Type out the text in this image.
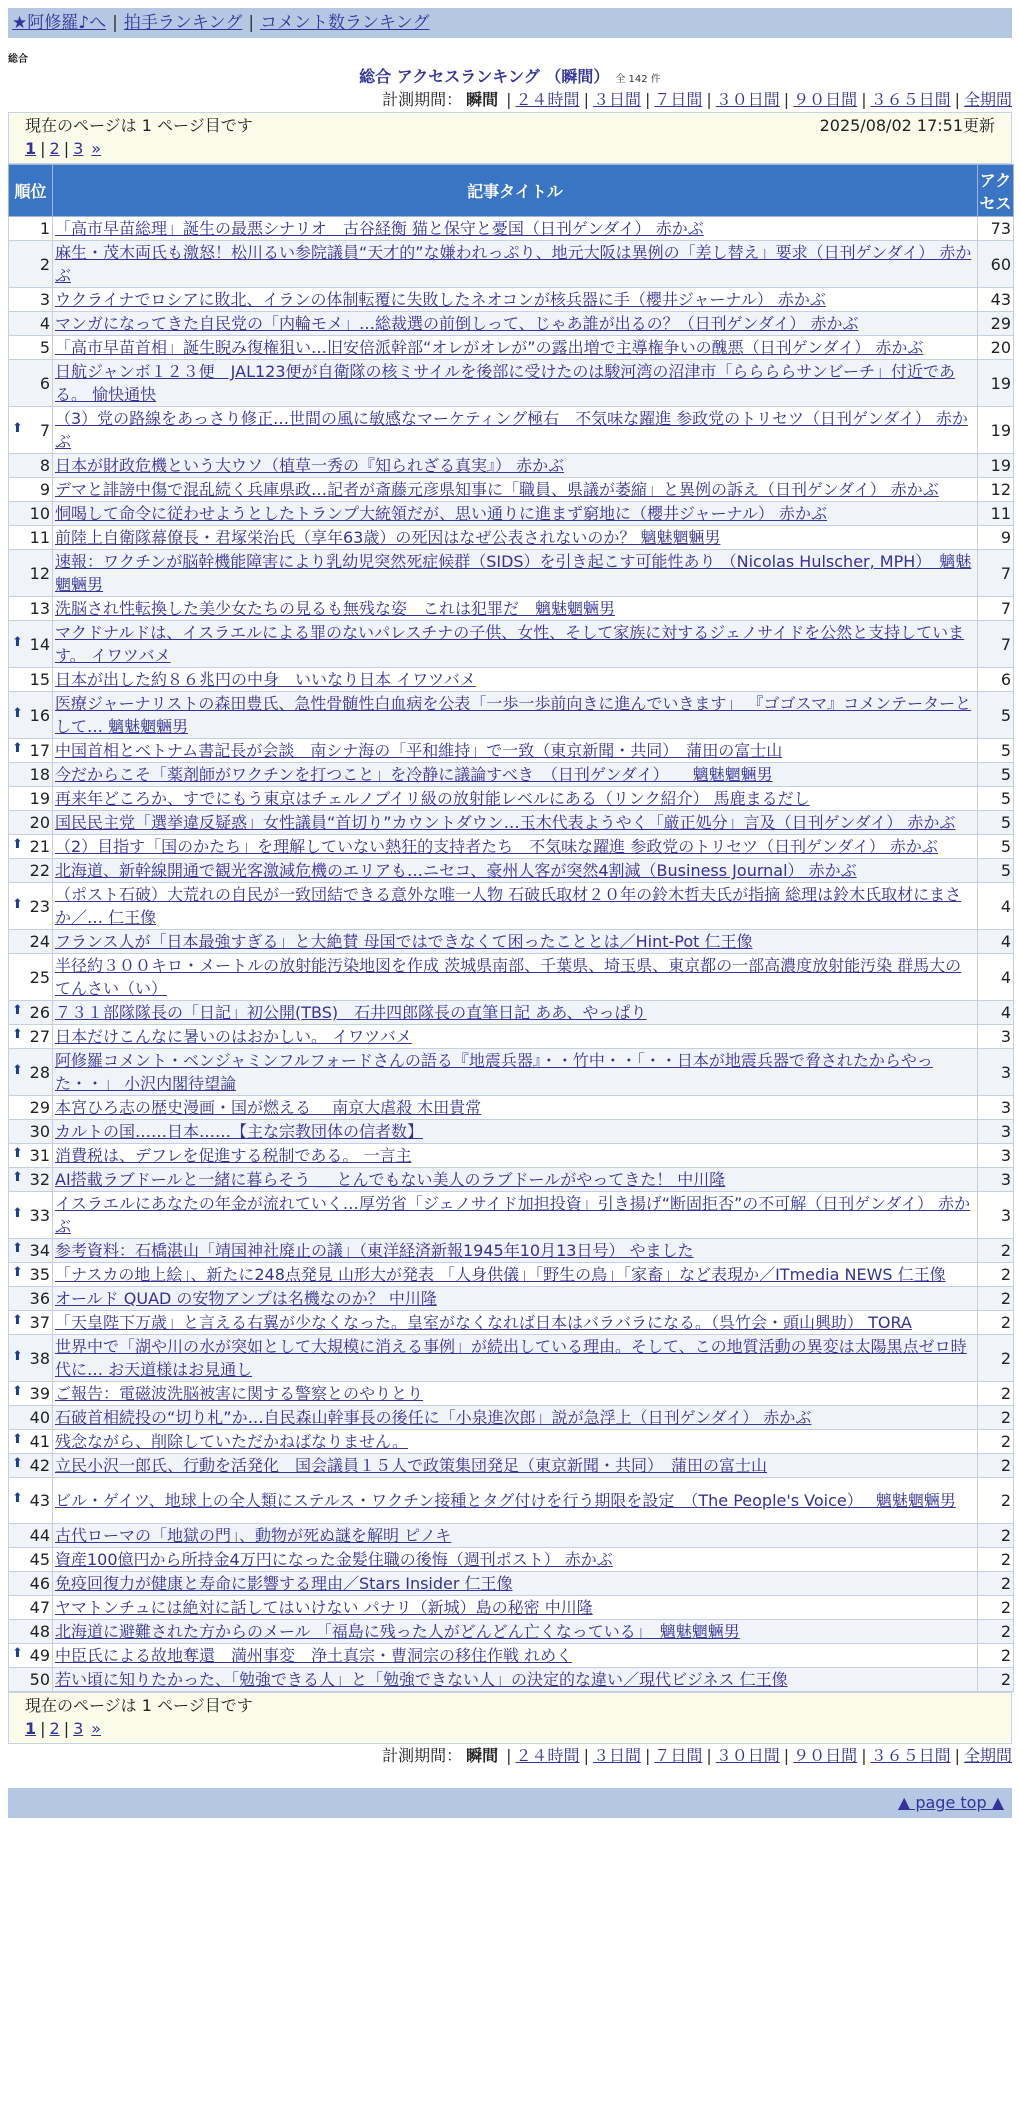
★阿修羅♪へ | 拍手ランキング | コメント数ランキング
総合
総合 アクセスランキング （瞬間） 全 142 件
計測期間： 瞬間 | ２４時間 | ３日間 | ７日間 | ３０日間 | ９０日間 | ３６５日間 | 全期間
現在のページは 1 ページ目です	2025/08/02 17:51更新
1 | 2 | 3 »
順位	記事タイトル	アクセス
1	「高市早苗総理」誕生の最悪シナリオ　古谷経衡 猫と保守と憂国（日刊ゲンダイ） 赤かぶ	73
2	麻生・茂木両氏も激怒！松川るい参院議員“天才的”な嫌われっぷり、地元大阪は異例の「差し替え」要求（日刊ゲンダイ） 赤かぶ	60
3	ウクライナでロシアに敗北、イランの体制転覆に失敗したネオコンが核兵器に手（櫻井ジャーナル） 赤かぶ	43
4	マンガになってきた自民党の「内輪モメ」…総裁選の前倒しって、じゃあ誰が出るの？（日刊ゲンダイ） 赤かぶ	29
5	「高市早苗首相」誕生睨み復権狙い…旧安倍派幹部“オレがオレが”の露出増で主導権争いの醜悪（日刊ゲンダイ） 赤かぶ	20
6	日航ジャンボ１２３便　JAL123便が自衛隊の核ミサイルを後部に受けたのは駿河湾の沼津市「ららららサンビーチ」付近である。 愉快通快	19

⬆ 7	（3）党の路線をあっさり修正…世間の風に敏感なマーケティング極右　不気味な躍進 参政党のトリセツ（日刊ゲンダイ） 赤かぶ	19
8	日本が財政危機という大ウソ（植草一秀の『知られざる真実』） 赤かぶ	19
9	デマと誹謗中傷で混乱続く兵庫県政…記者が斎藤元彦県知事に「職員、県議が萎縮」と異例の訴え（日刊ゲンダイ） 赤かぶ	12
10	恫喝して命令に従わせようとしたトランプ大統領だが、思い通りに進まず窮地に（櫻井ジャーナル） 赤かぶ	11
11	前陸上自衛隊幕僚長・君塚栄治氏（享年63歳）の死因はなぜ公表されないのか？ 魑魅魍魎男	9
12	速報：ワクチンが脳幹機能障害により乳幼児突然死症候群（SIDS）を引き起こす可能性あり （Nicolas Hulscher, MPH）　魑魅魍魎男	7
13	洗脳され性転換した美少女たちの見るも無残な姿　これは犯罪だ　魑魅魍魎男	7

⬆ 14	マクドナルドは、イスラエルによる罪のないパレスチナの子供、女性、そして家族に対するジェノサイドを公然と支持しています。 イワツバメ	7
15	日本が出した約８６兆円の中身　いいなり日本 イワツバメ	6

⬆ 16	医療ジャーナリストの森田豊氏、急性骨髄性白血病を公表「一歩一歩前向きに進んでいきます」 『ゴゴスマ』コメンテーターとして… 魑魅魍魎男	5

⬆ 17	中国首相とベトナム書記長が会談　南シナ海の「平和維持」で一致（東京新聞・共同）　蒲田の富士山	5
18	今だからこそ「薬剤師がワクチンを打つこと」を冷静に議論すべき　（日刊ゲンダイ）　　魑魅魍魎男	5
19	再来年どころか、すでにもう東京はチェルノブイリ級の放射能レベルにある（リンク紹介） 馬鹿まるだし	5
20	国民民主党「選挙違反疑惑」女性議員“首切り”カウントダウン…玉木代表ようやく「厳正処分」言及（日刊ゲンダイ） 赤かぶ	5

⬆ 21	（2）目指す「国のかたち」を理解していない熱狂的支持者たち　不気味な躍進 参政党のトリセツ（日刊ゲンダイ） 赤かぶ	5
22	北海道、新幹線開通で観光客激減危機のエリアも…ニセコ、豪州人客が突然4割減（Business Journal） 赤かぶ	5

⬆ 23	（ポスト石破）大荒れの自民が一致団結できる意外な唯一人物 石破氏取材２０年の鈴木哲夫氏が指摘 総理は鈴木氏取材にまさか／… 仁王像	4
24	フランス人が「日本最強すぎる」と大絶賛 母国ではできなくて困ったこととは／Hint-Pot 仁王像	4
25	半径約３００キロ・メートルの放射能汚染地図を作成 茨城県南部、千葉県、埼玉県、東京都の一部高濃度放射能汚染 群馬大のてんさい（い）	4

⬆ 26	７３１部隊隊長の「日記」初公開(TBS)　石井四郎隊長の直筆日記 ああ、やっぱり	4

⬆ 27	日本だけこんなに暑いのはおかしい。 イワツバメ	3

⬆ 28	阿修羅コメント・ベンジャミンフルフォードさんの語る『地震兵器』・・竹中・・「・・日本が地震兵器で脅されたからやった・・」 小沢内閣待望論	3
29	本宮ひろ志の歴史漫画・国が燃える　 南京大虐殺 木田貴常	3
30	カルトの国……日本……【主な宗教団体の信者数】	3

⬆ 31	消費税は、デフレを促進する税制である。 一言主	3

⬆ 32	AI搭載ラブドールと一緒に暮らそう ＿ とんでもない美人のラブドールがやってきた！ 中川隆	3

⬆ 33	イスラエルにあなたの年金が流れていく…厚労省「ジェノサイド加担投資」引き揚げ“断固拒否”の不可解（日刊ゲンダイ） 赤かぶ	3

⬆ 34	参考資料：石橋湛山「靖国神社廃止の議」（東洋経済新報1945年10月13日号） やました	2

⬆ 35	「ナスカの地上絵」、新たに248点発見 山形大が発表 「人身供儀」「野生の鳥」「家畜」など表現か／ITmedia NEWS 仁王像	2
36	オールド QUAD の安物アンプは名機なのか？ 中川隆	2

⬆ 37	「天皇陛下万歳」と言える右翼が少なくなった。皇室がなくなれば日本はバラバラになる。（呉竹会・頭山興助） TORA	2

⬆ 38	世界中で「湖や川の水が突如として大規模に消える事例」が続出している理由。そして、この地質活動の異変は太陽黒点ゼロ時代に… お天道様はお見通し	2

⬆ 39	ご報告：電磁波洗脳被害に関する警察とのやりとり	2
40	石破首相続投の“切り札”か…自民森山幹事長の後任に「小泉進次郎」説が急浮上（日刊ゲンダイ） 赤かぶ	2

⬆ 41	残念ながら、削除していただかねばなりません。	2

⬆ 42	立民小沢一郎氏、行動を活発化　国会議員１５人で政策集団発足（東京新聞・共同）　蒲田の富士山	2

⬆ 43	ビル・ゲイツ、地球上の全人類にステルス・ワクチン接種とタグ付けを行う期限を設定　（The People's Voice）　 魑魅魍魎男	2
44	古代ローマの「地獄の門」、動物が死ぬ謎を解明 ピノキ	2
45	資産100億円から所持金4万円になった金髪住職の後悔（週刊ポスト） 赤かぶ	2
46	免疫回復力が健康と寿命に影響する理由／Stars Insider 仁王像	2
47	ヤマトンチュには絶対に話してはいけない パナリ（新城）島の秘密 中川隆	2
48	北海道に避難された方からのメール 「福島に残った人がどんどん亡くなっている」　魑魅魍魎男	2

⬆ 49	中臣氏による故地奪還　満州事変　浄土真宗・曹洞宗の移住作戦 れめく	2
50	若い頃に知りたかった、「勉強できる人」と「勉強できない人」の決定的な違い／現代ビジネス 仁王像	2
現在のページは 1 ページ目です
1 | 2 | 3 »
計測期間： 瞬間 | ２４時間 | ３日間 | ７日間 | ３０日間 | ９０日間 | ３６５日間 | 全期間
▲ page top ▲
